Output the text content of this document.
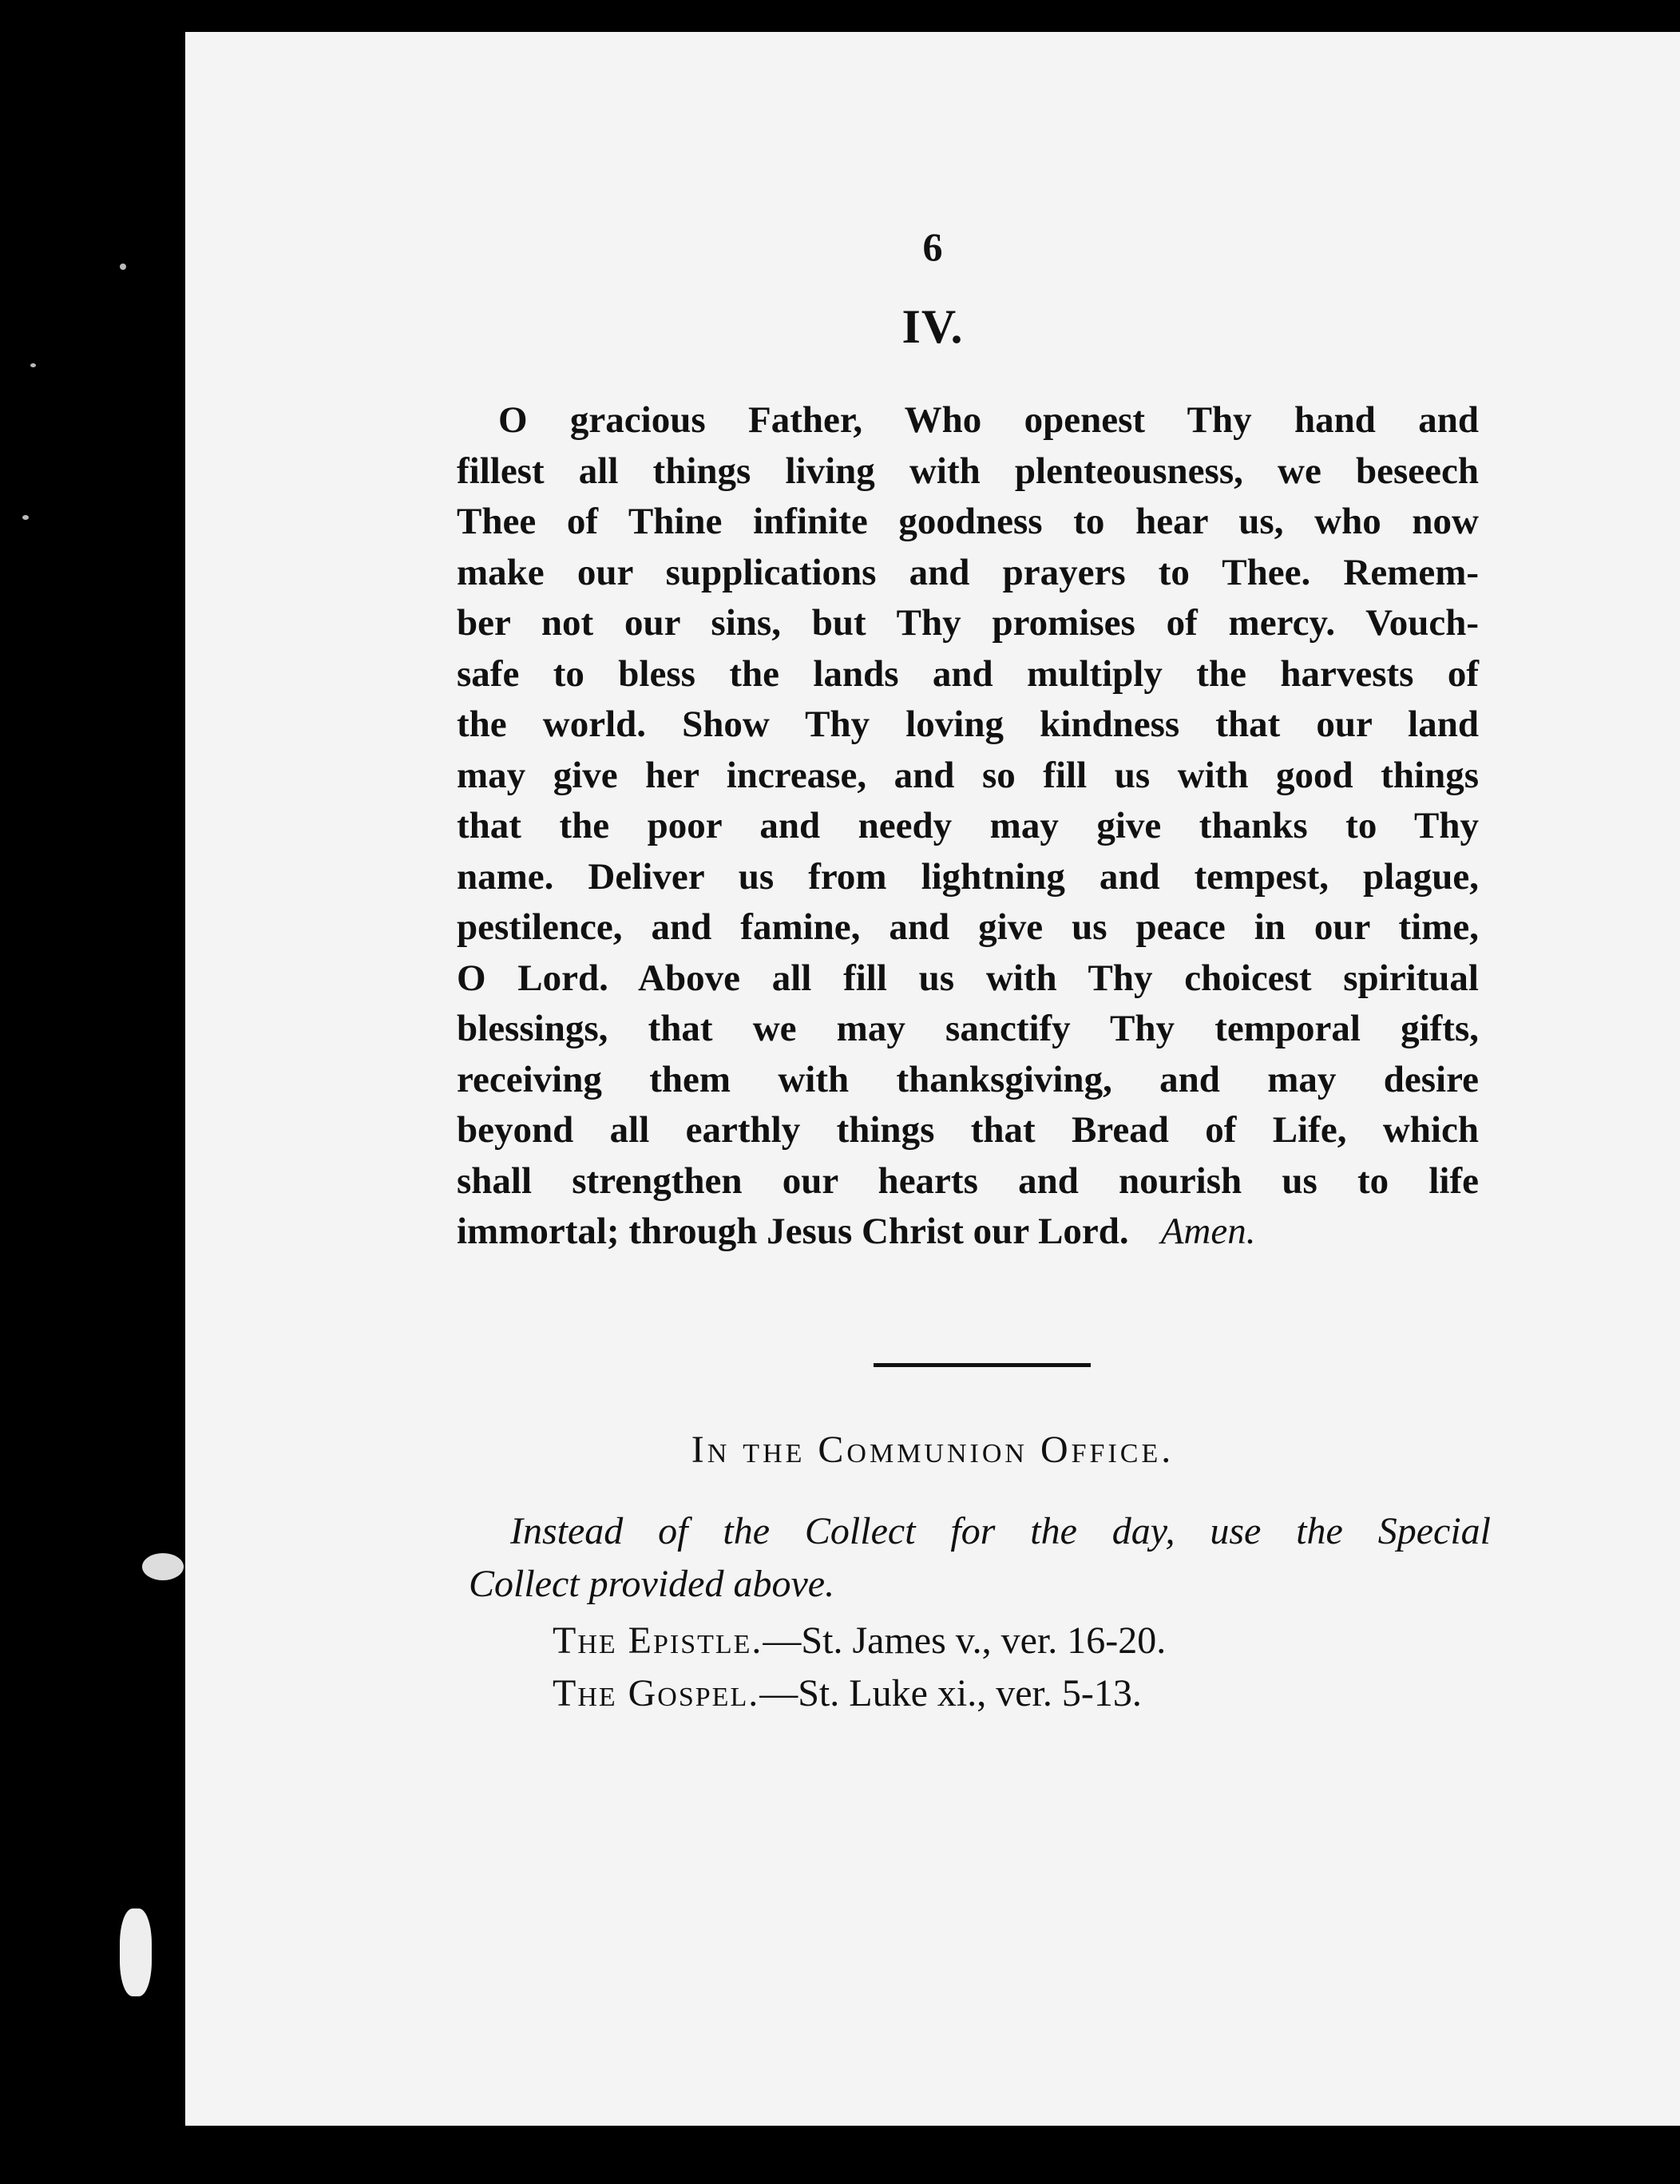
6
IV.
O gracious Father, Who openest Thy hand and
fillest all things living with plenteousness, we beseech
Thee of Thine infinite goodness to hear us, who now
make our supplications and prayers to Thee. Remem-
ber not our sins, but Thy promises of mercy. Vouch-
safe to bless the lands and multiply the harvests of
the world. Show Thy loving kindness that our land
may give her increase, and so fill us with good things
that the poor and needy may give thanks to Thy
name. Deliver us from lightning and tempest, plague,
pestilence, and famine, and give us peace in our time,
O Lord. Above all fill us with Thy choicest spiritual
blessings, that we may sanctify Thy temporal gifts,
receiving them with thanksgiving, and may desire
beyond all earthly things that Bread of Life, which
shall strengthen our hearts and nourish us to life
immortal; through Jesus Christ our Lord. Amen.
In the Communion Office.
Instead of the Collect for the day, use the Special
Collect provided above.
The Epistle.—St. James v., ver. 16-20.
The Gospel.—St. Luke xi., ver. 5-13.
